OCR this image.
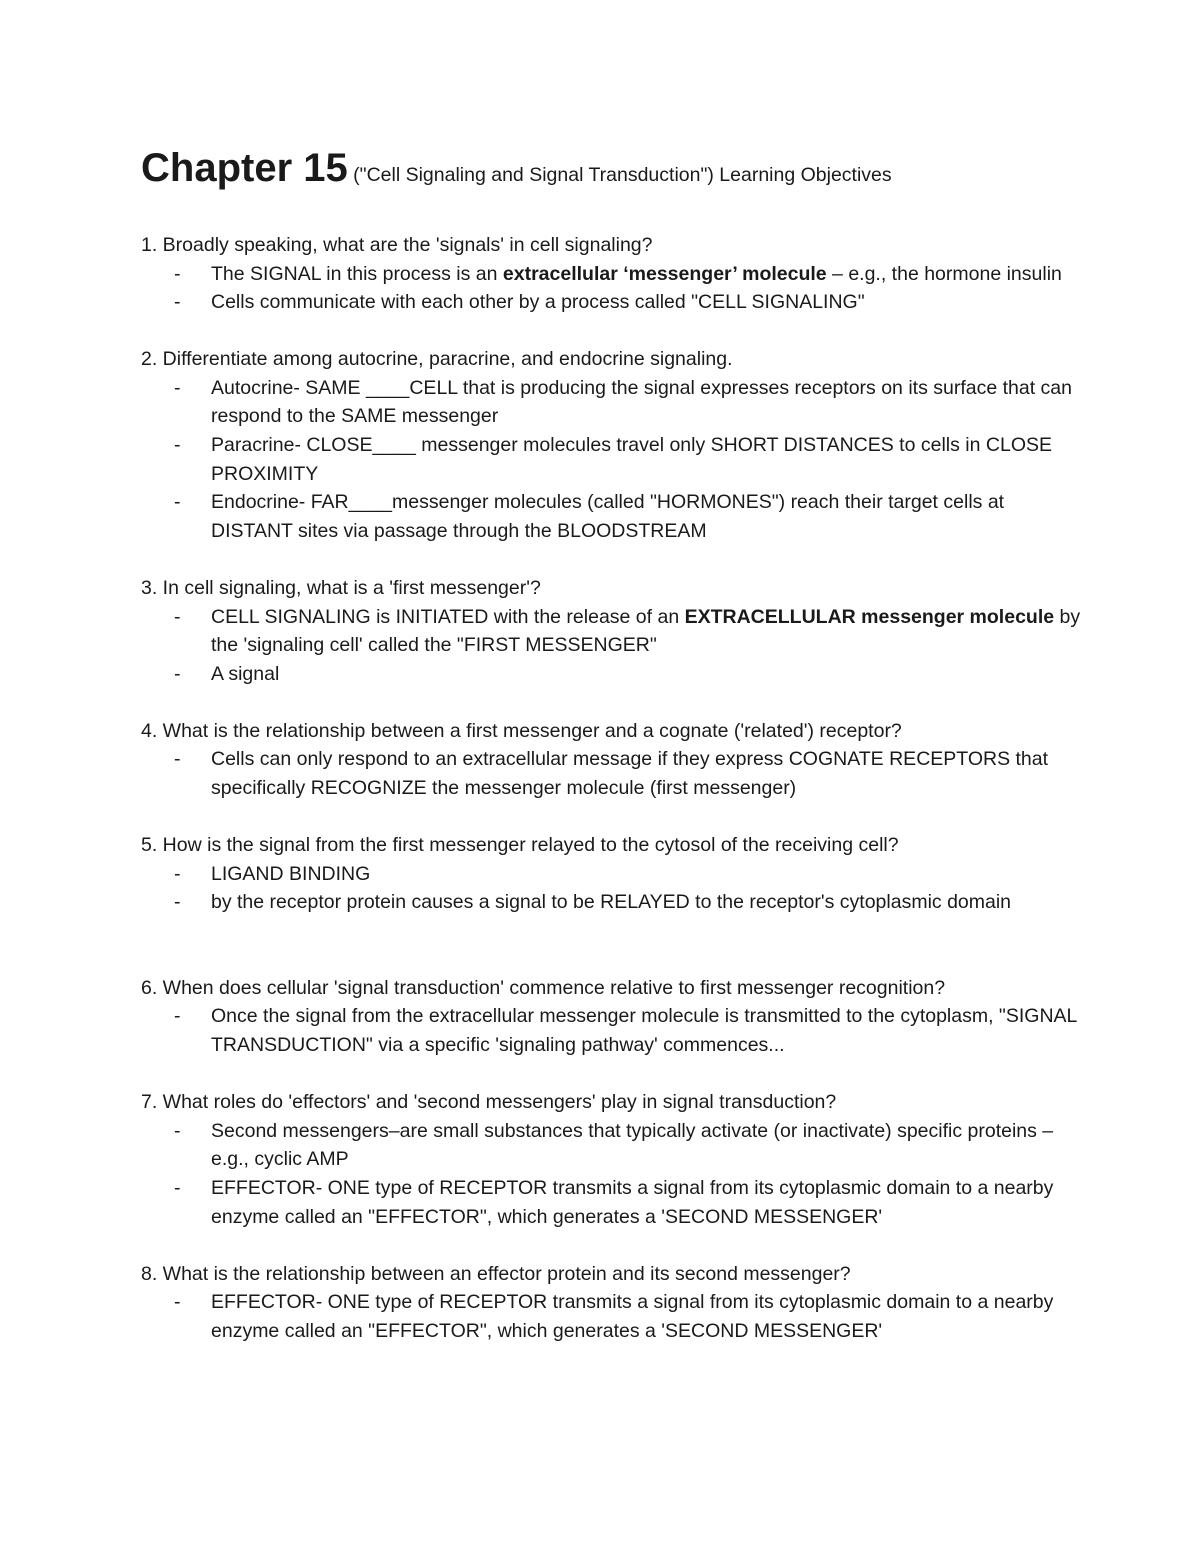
Chapter 15 ("Cell Signaling and Signal Transduction") Learning Objectives

1. Broadly speaking, what are the 'signals' in cell signaling?

- The SIGNAL in this process is an extracellular ‘messenger’ molecule – e.g., the hormone insulin
- Cells communicate with each other by a process called "CELL SIGNALING"

2. Differentiate among autocrine, paracrine, and endocrine signaling.

- Autocrine- SAME ____CELL that is producing the signal expresses receptors on its surface that can respond to the SAME messenger
- Paracrine- CLOSE____ messenger molecules travel only SHORT DISTANCES to cells in CLOSE PROXIMITY
- Endocrine- FAR____messenger molecules (called "HORMONES") reach their target cells at DISTANT sites via passage through the BLOODSTREAM

3. In cell signaling, what is a 'first messenger'?

- CELL SIGNALING is INITIATED with the release of an EXTRACELLULAR messenger molecule by the 'signaling cell' called the "FIRST MESSENGER"
- A signal

4. What is the relationship between a first messenger and a cognate ('related') receptor?

- Cells can only respond to an extracellular message if they express COGNATE RECEPTORS that specifically RECOGNIZE the messenger molecule (first messenger)

5. How is the signal from the first messenger relayed to the cytosol of the receiving cell?

- LIGAND BINDING
- by the receptor protein causes a signal to be RELAYED to the receptor's cytoplasmic domain

6. When does cellular 'signal transduction' commence relative to first messenger recognition?

- Once the signal from the extracellular messenger molecule is transmitted to the cytoplasm, "SIGNAL TRANSDUCTION" via a specific 'signaling pathway' commences...

7. What roles do 'effectors' and 'second messengers' play in signal transduction?

- Second messengers–are small substances that typically activate (or inactivate) specific proteins – e.g., cyclic AMP
- EFFECTOR- ONE type of RECEPTOR transmits a signal from its cytoplasmic domain to a nearby enzyme called an "EFFECTOR", which generates a 'SECOND MESSENGER'

8. What is the relationship between an effector protein and its second messenger?

- EFFECTOR- ONE type of RECEPTOR transmits a signal from its cytoplasmic domain to a nearby enzyme called an "EFFECTOR", which generates a 'SECOND MESSENGER'
